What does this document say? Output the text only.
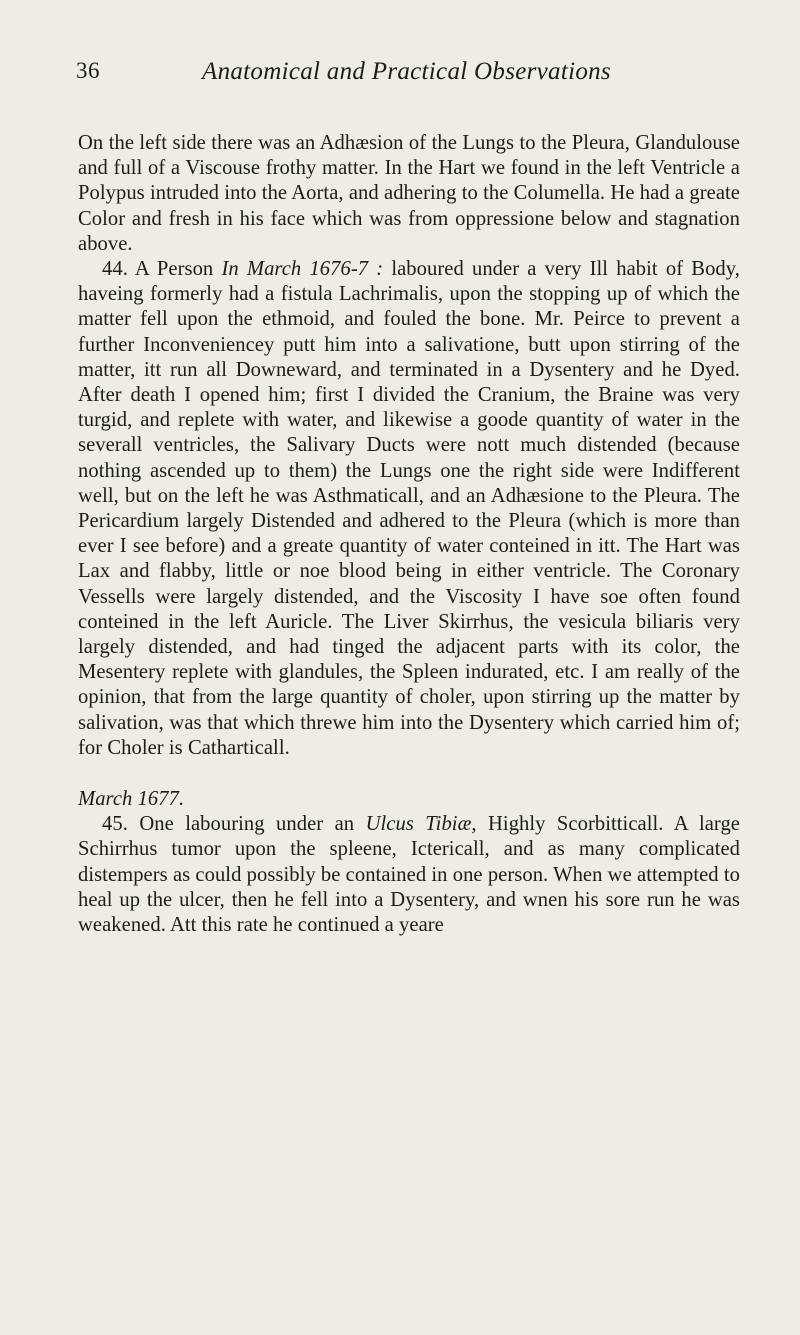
36	Anatomical and Practical Observations

On the left side there was an Adhæsion of the Lungs to the Pleura, Glandulouse and full of a Viscouse frothy matter. In the Hart we found in the left Ventricle a Polypus intruded into the Aorta, and adhering to the Columella. He had a greate Color and fresh in his face which was from oppressione below and stagnation above.

44. A Person In March 1676-7 : laboured under a very Ill habit of Body, haveing formerly had a fistula Lachrimalis, upon the stopping up of which the matter fell upon the ethmoid, and fouled the bone. Mr. Peirce to prevent a further Inconveniencey putt him into a salivatione, butt upon stirring of the matter, itt run all Downeward, and terminated in a Dysentery and he Dyed. After death I opened him; first I divided the Cranium, the Braine was very turgid, and replete with water, and likewise a goode quantity of water in the severall ventricles, the Salivary Ducts were nott much distended (because nothing ascended up to them) the Lungs one the right side were Indifferent well, but on the left he was Asthmaticall, and an Adhæsione to the Pleura. The Pericardium largely Distended and adhered to the Pleura (which is more than ever I see before) and a greate quantity of water conteined in itt. The Hart was Lax and flabby, little or noe blood being in either ventricle. The Coronary Vessells were largely distended, and the Viscosity I have soe often found conteined in the left Auricle. The Liver Skirrhus, the vesicula biliaris very largely distended, and had tinged the adjacent parts with its color, the Mesentery replete with glandules, the Spleen indurated, etc. I am really of the opinion, that from the large quantity of choler, upon stirring up the matter by salivation, was that which threwe him into the Dysentery which carried him of; for Choler is Catharticall.

March 1677.

45. One labouring under an Ulcus Tibiæ, Highly Scorbitticall. A large Schirrhus tumor upon the spleene, Ictericall, and as many complicated distempers as could possibly be contained in one person. When we attempted to heal up the ulcer, then he fell into a Dysentery, and wnen his sore run he was weakened. Att this rate he continued a yeare
